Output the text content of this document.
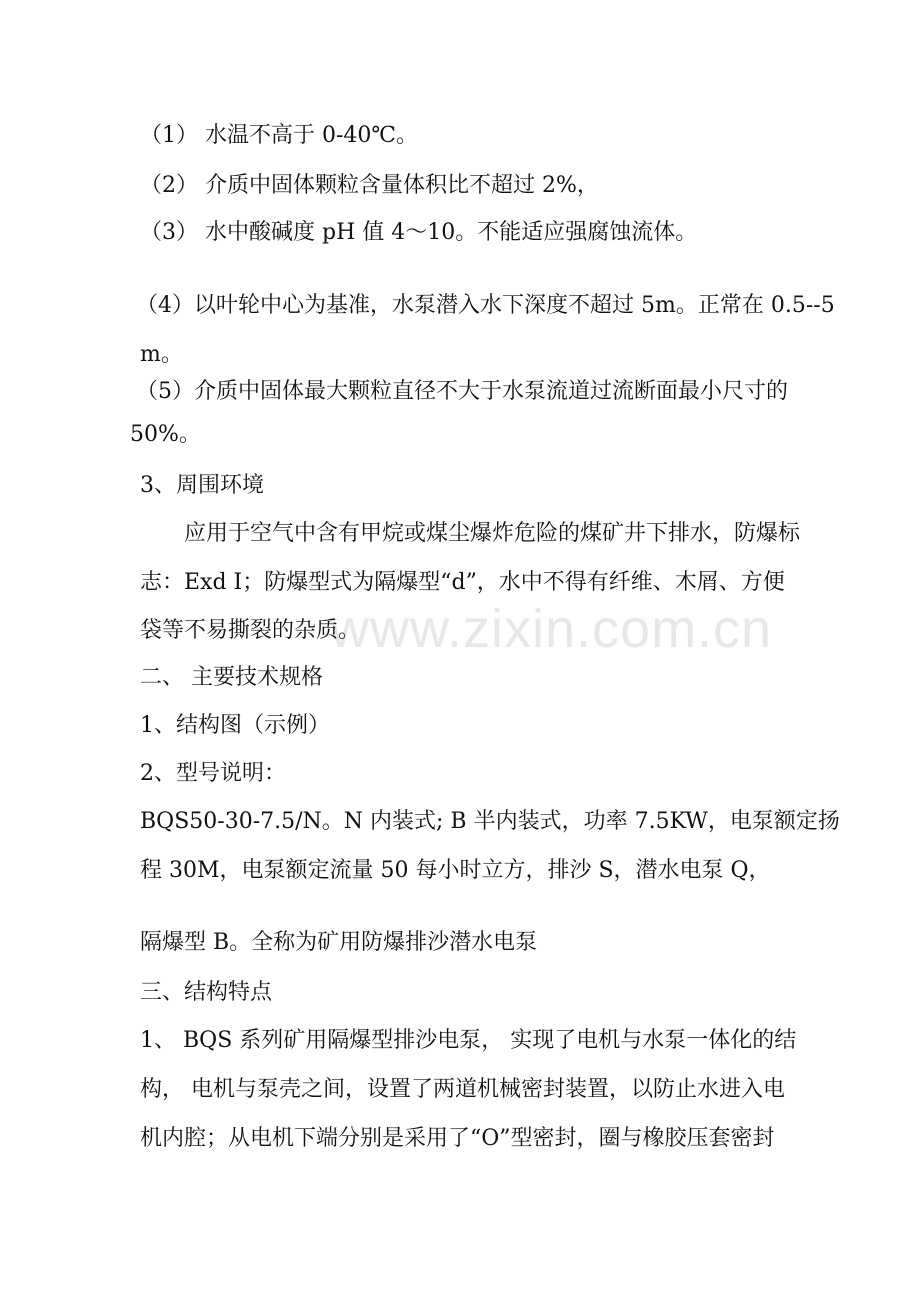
www.zixin.com.cn
（1） 水温不高于 0-40℃。
（2） 介质中固体颗粒含量体积比不超过 2%，
（3） 水中酸碱度 pH 值 4～10。不能适应强腐蚀流体。
（4）以叶轮中心为基准，水泵潜入水下深度不超过 5m。正常在 0.5--5
m。
（5）介质中固体最大颗粒直径不大于水泵流道过流断面最小尺寸的
50%。
3、周围环境
应用于空气中含有甲烷或煤尘爆炸危险的煤矿井下排水，防爆标
志：Exd Ⅰ；防爆型式为隔爆型“d”，水中不得有纤维、木屑、方便
袋等不易撕裂的杂质。
二、 主要技术规格
1、结构图（示例）
2、型号说明：
BQS50-30-7.5/N。N 内装式; B 半内装式，功率 7.5KW，电泵额定扬
程 30M，电泵额定流量 50 每小时立方，排沙 S，潜水电泵 Q，
隔爆型 B。全称为矿用防爆排沙潜水电泵
三、结构特点
1、 BQS 系列矿用隔爆型排沙电泵， 实现了电机与水泵一体化的结
构， 电机与泵壳之间，设置了两道机械密封装置，以防止水进入电
机内腔；从电机下端分别是采用了“O”型密封，圈与橡胶压套密封
